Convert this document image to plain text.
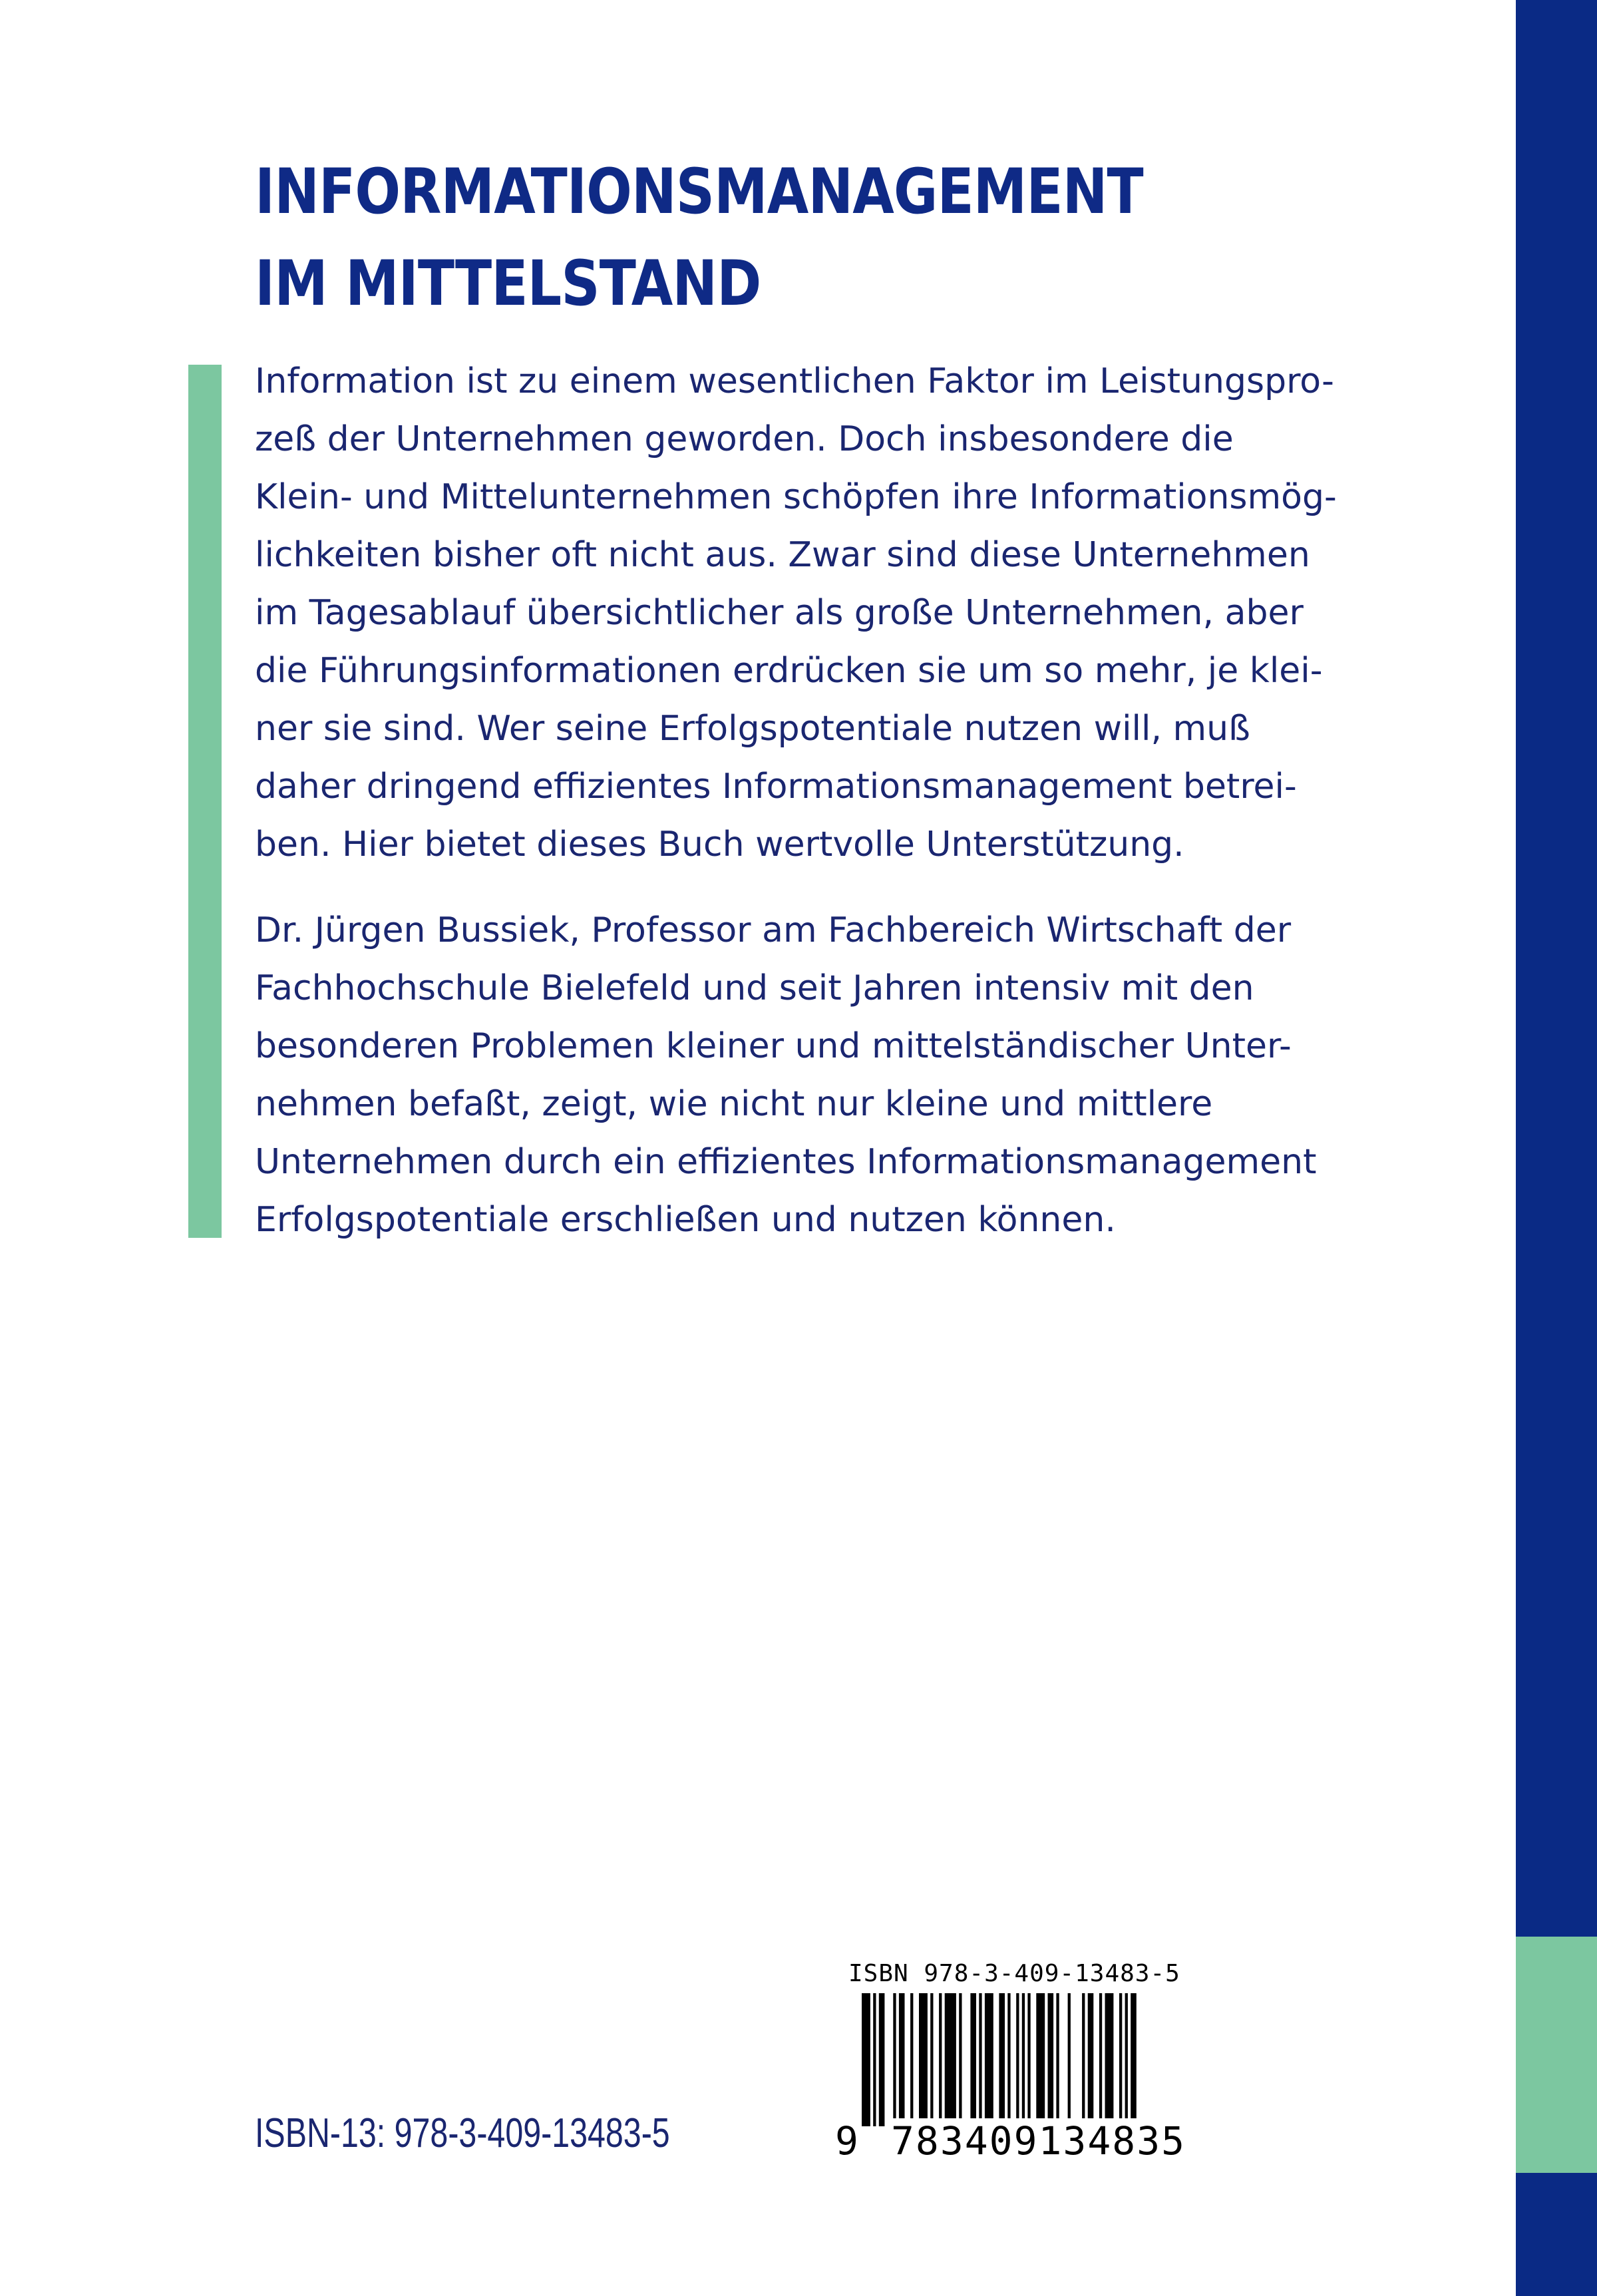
INFORMATIONSMANAGEMENT
IM MITTELSTAND

Information ist zu einem wesentlichen Faktor im Leistungspro-
zeß der Unternehmen geworden. Doch insbesondere die
Klein- und Mittelunternehmen schöpfen ihre Informationsmög-
lichkeiten bisher oft nicht aus. Zwar sind diese Unternehmen
im Tagesablauf übersichtlicher als große Unternehmen, aber
die Führungsinformationen erdrücken sie um so mehr, je klei-
ner sie sind. Wer seine Erfolgspotentiale nutzen will, muß
daher dringend effizientes Informationsmanagement betrei-
ben. Hier bietet dieses Buch wertvolle Unterstützung.

Dr. Jürgen Bussiek, Professor am Fachbereich Wirtschaft der
Fachhochschule Bielefeld und seit Jahren intensiv mit den
besonderen Problemen kleiner und mittelständischer Unter-
nehmen befaßt, zeigt, wie nicht nur kleine und mittlere
Unternehmen durch ein effizientes Informationsmanagement
Erfolgspotentiale erschließen und nutzen können.

ISBN-13: 978-3-409-13483-5
ISBN 978-3-409-13483-5
9 783409134835
